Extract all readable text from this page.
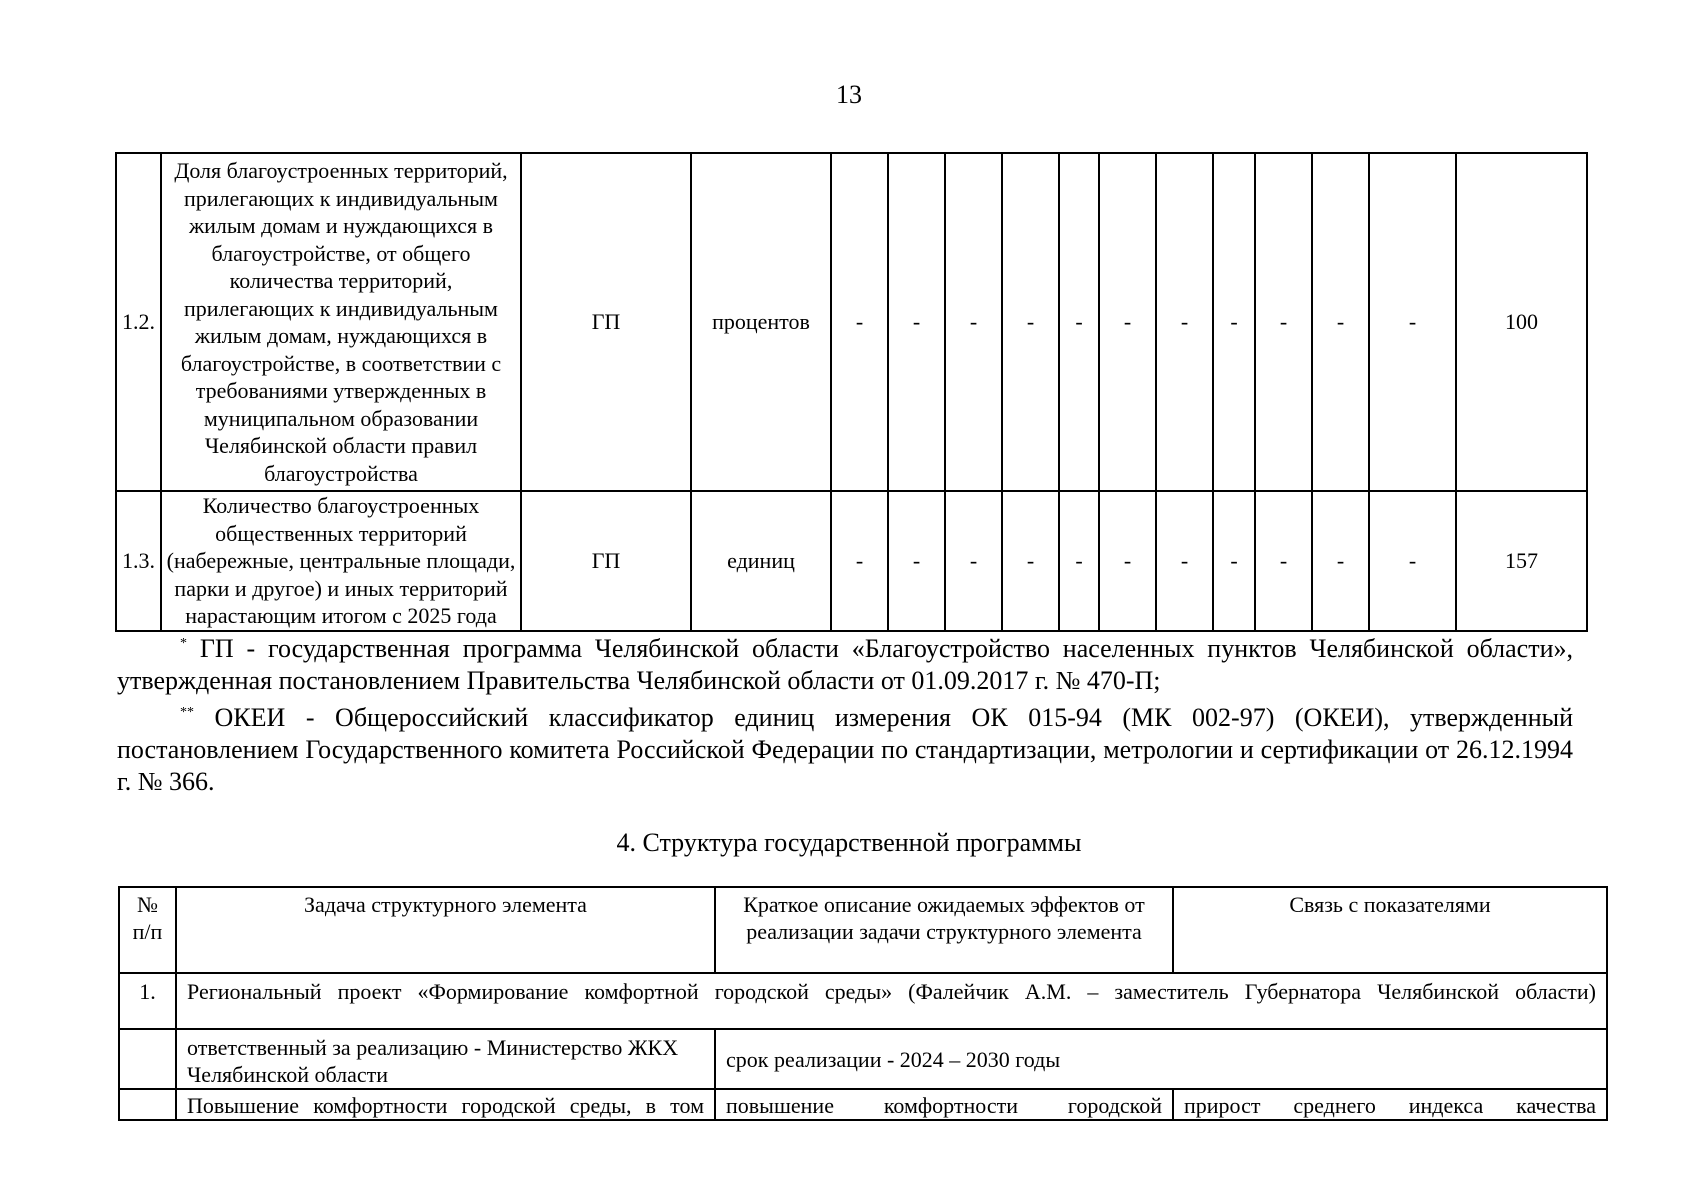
13
1.2.	Доля благоустроенных территорий, прилегающих к индивидуальным жилым домам и нуждающихся в благоустройстве, от общего количества территорий, прилегающих к индивидуальным жилым домам, нуждающихся в благоустройстве, в соответствии с требованиями утвержденных в муниципальном образовании Челябинской области правил благоустройства	ГП	процентов	-	-	-	-	-	-	-	-	-	-	-	100
1.3.	Количество благоустроенных общественных территорий (набережные, центральные площади, парки и другое) и иных территорий нарастающим итогом с 2025 года	ГП	единиц	-	-	-	-	-	-	-	-	-	-	-	157

* ГП - государственная программа Челябинской области «Благоустройство населенных пунктов Челябинской области», утвержденная постановлением Правительства Челябинской области от 01.09.2017 г. № 470-П;

** ОКЕИ - Общероссийский классификатор единиц измерения ОК 015-94 (МК 002-97) (ОКЕИ), утвержденный постановлением Государственного комитета Российской Федерации по стандартизации, метрологии и сертификации от 26.12.1994 г. № 366.

4. Структура государственной программы
№ п/п	Задача структурного элемента	Краткое описание ожидаемых эффектов от реализации задачи структурного элемента	Связь с показателями
1.	Региональный проект «Формирование комфортной городской среды» (Фалейчик А.М. – заместитель Губернатора Челябинской области)		
	ответственный за реализацию - Министерство ЖКХ Челябинской области	срок реализации - 2024 – 2030 годы	
	Повышение комфортности городской среды, в том	повышение комфортности городской	прирост среднего индекса качества
